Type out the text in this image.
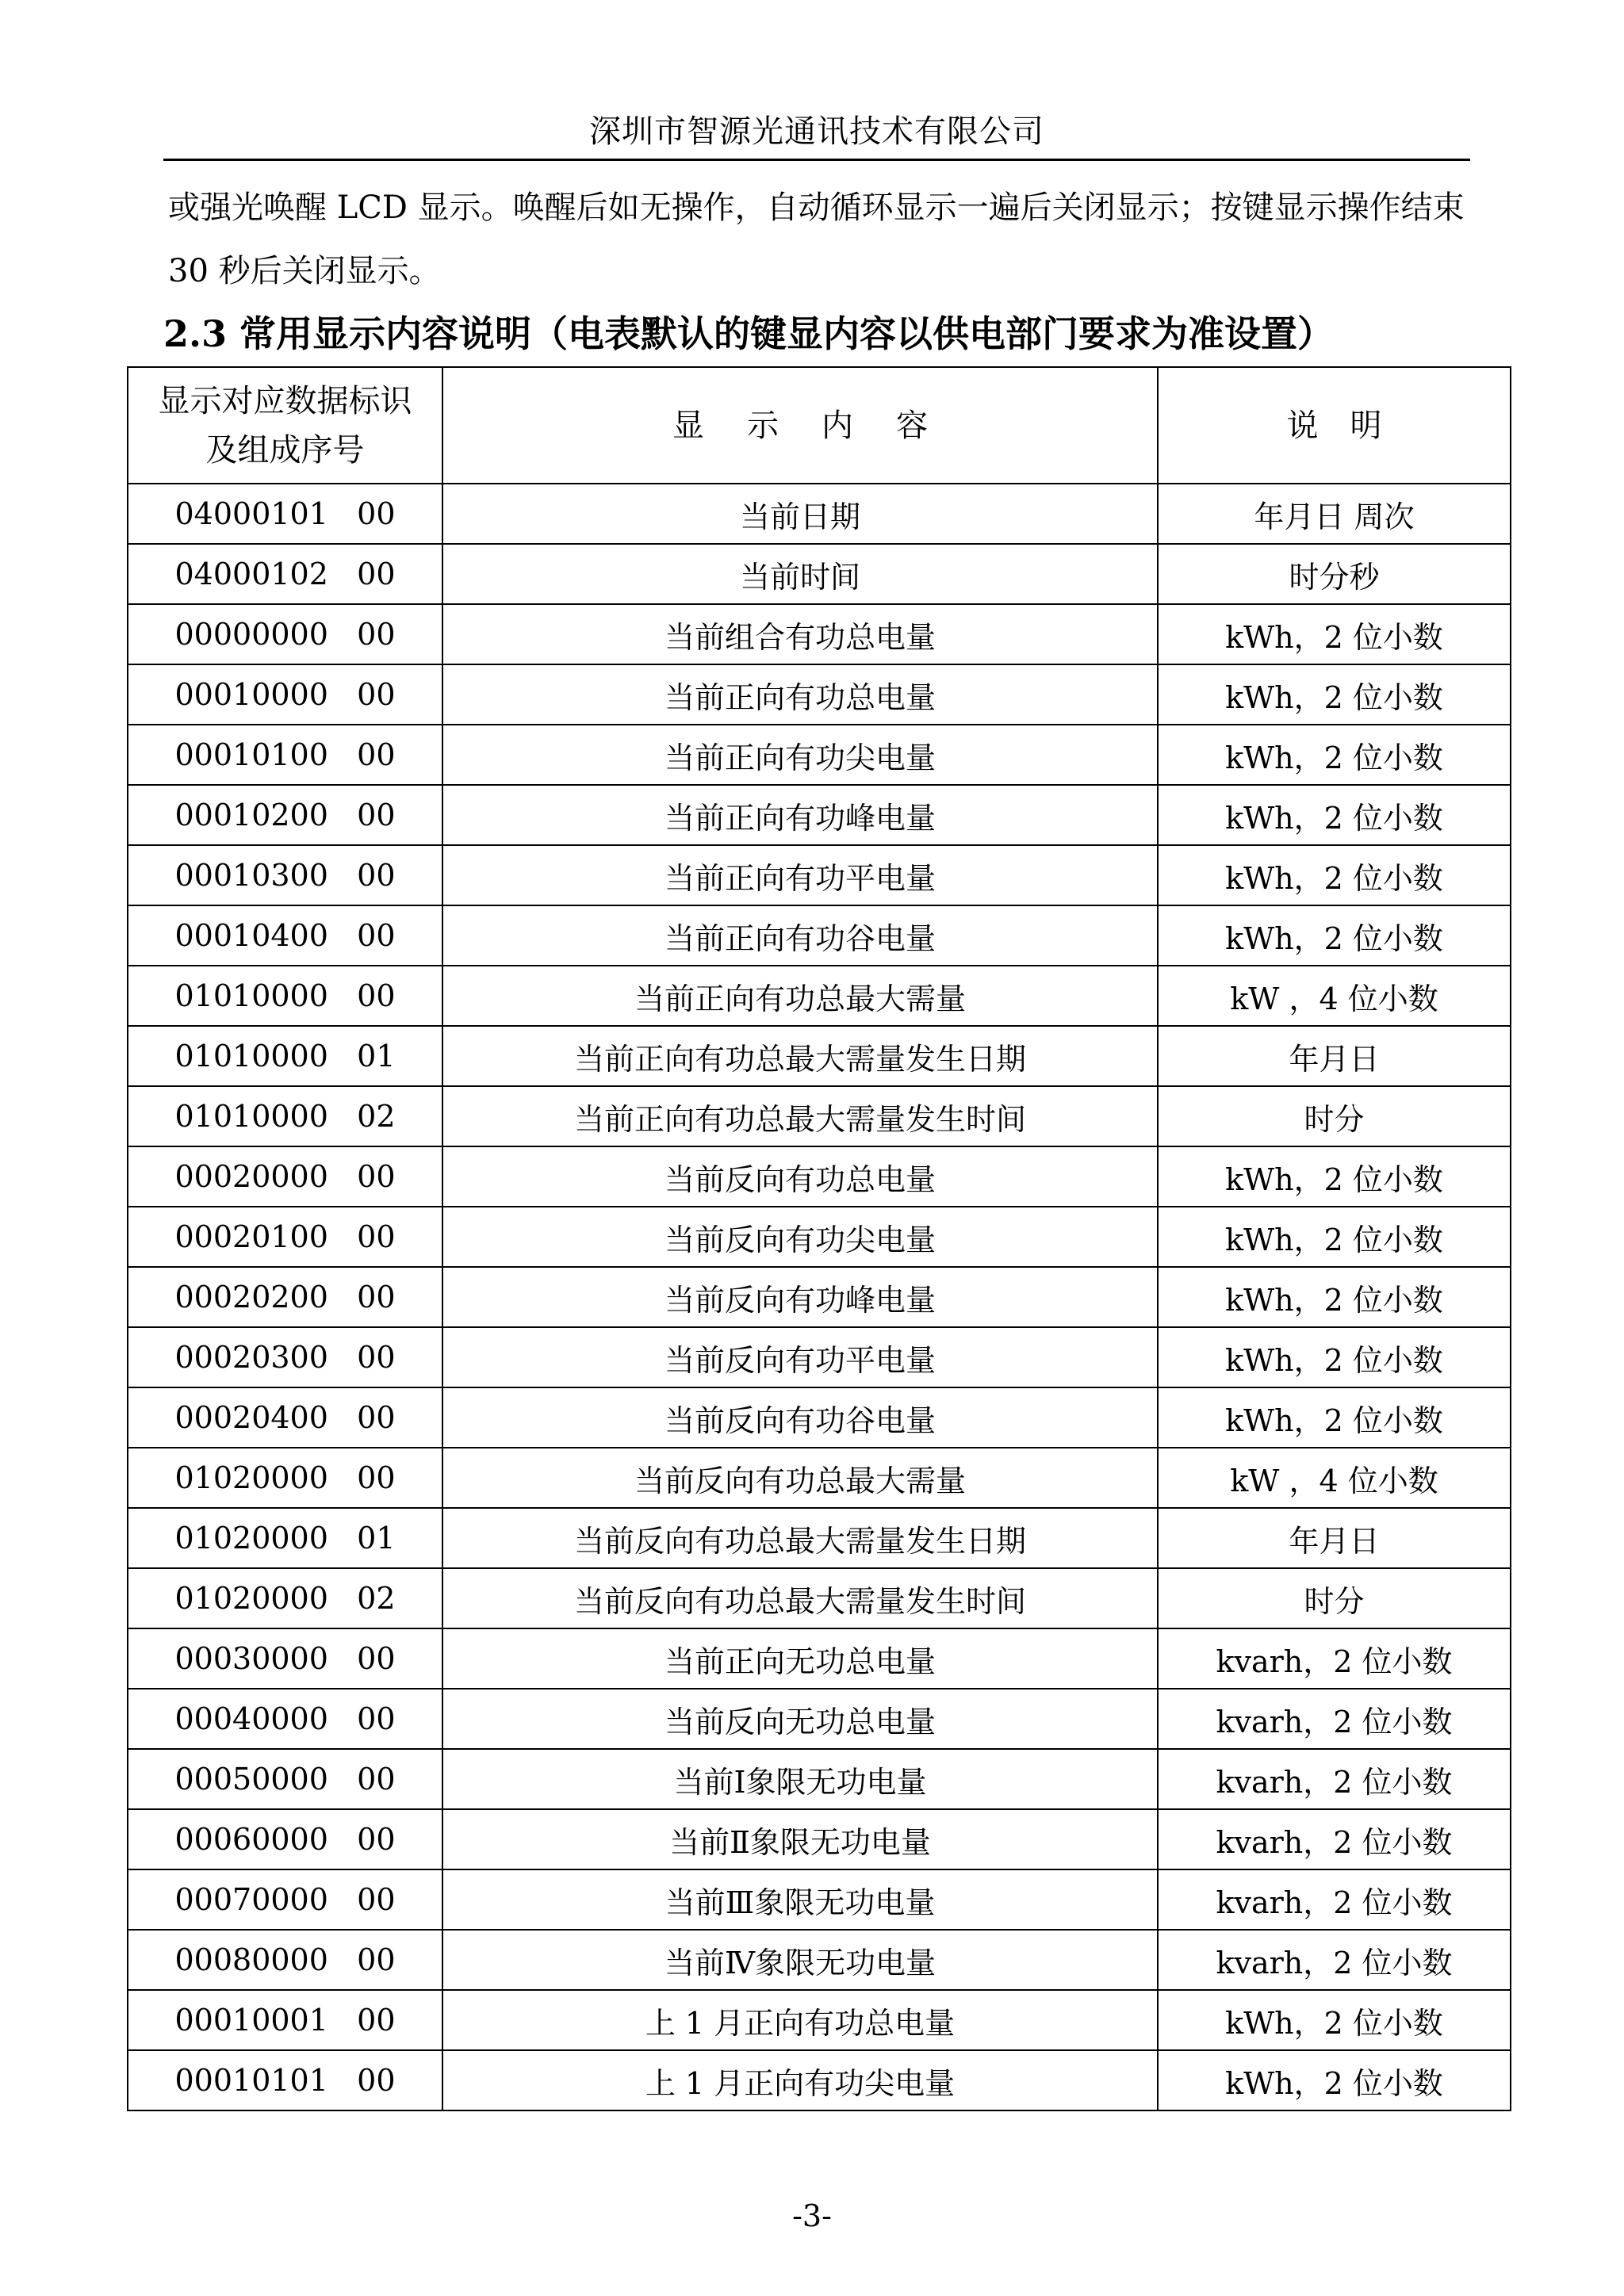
深圳市智源光通讯技术有限公司

或强光唤醒 LCD 显示。唤醒后如无操作，自动循环显示一遍后关闭显示；按键显示操作结束 30 秒后关闭显示。

2.3 常用显示内容说明（电表默认的键显内容以供电部门要求为准设置）
显示对应数据标识及组成序号	显示内容	说明
04000101   00	当前日期	年月日 周次
04000102   00	当前时间	时分秒
00000000   00	当前组合有功总电量	kWh，2 位小数
00010000   00	当前正向有功总电量	kWh，2 位小数
00010100   00	当前正向有功尖电量	kWh，2 位小数
00010200   00	当前正向有功峰电量	kWh，2 位小数
00010300   00	当前正向有功平电量	kWh，2 位小数
00010400   00	当前正向有功谷电量	kWh，2 位小数
01010000   00	当前正向有功总最大需量	kW ，4 位小数
01010000   01	当前正向有功总最大需量发生日期	年月日
01010000   02	当前正向有功总最大需量发生时间	时分
00020000   00	当前反向有功总电量	kWh，2 位小数
00020100   00	当前反向有功尖电量	kWh，2 位小数
00020200   00	当前反向有功峰电量	kWh，2 位小数
00020300   00	当前反向有功平电量	kWh，2 位小数
00020400   00	当前反向有功谷电量	kWh，2 位小数
01020000   00	当前反向有功总最大需量	kW ，4 位小数
01020000   01	当前反向有功总最大需量发生日期	年月日
01020000   02	当前反向有功总最大需量发生时间	时分
00030000   00	当前正向无功总电量	kvarh，2 位小数
00040000   00	当前反向无功总电量	kvarh，2 位小数
00050000   00	当前Ⅰ象限无功电量	kvarh，2 位小数
00060000   00	当前Ⅱ象限无功电量	kvarh，2 位小数
00070000   00	当前Ⅲ象限无功电量	kvarh，2 位小数
00080000   00	当前Ⅳ象限无功电量	kvarh，2 位小数
00010001   00	上 1 月正向有功总电量	kWh，2 位小数
00010101   00	上 1 月正向有功尖电量	kWh，2 位小数
-3-
